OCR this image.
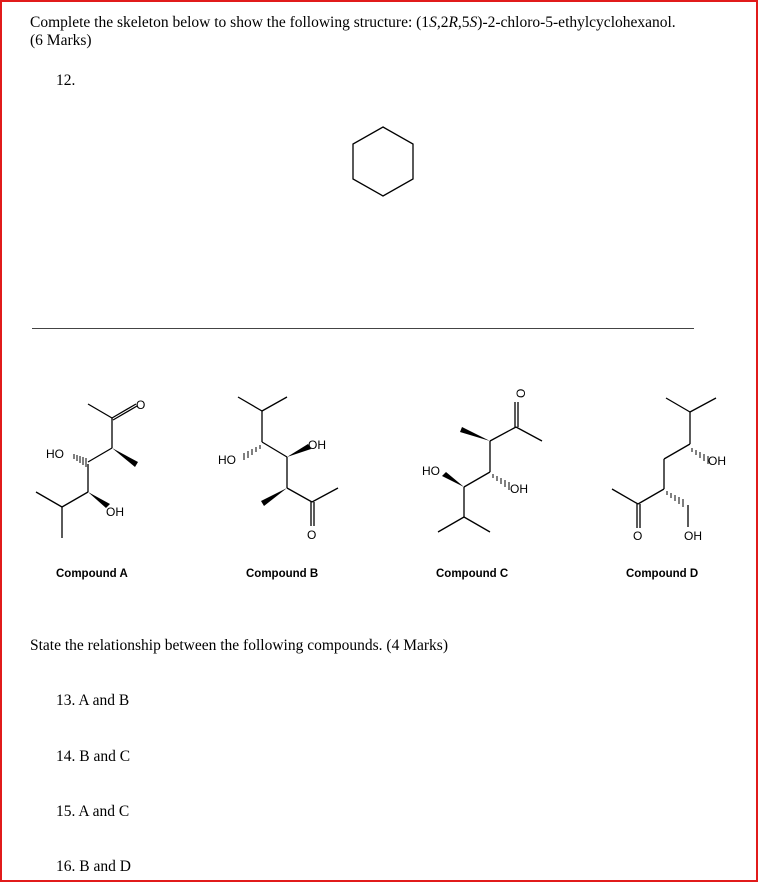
Complete the skeleton below to show the following structure: (1S,2R,5S)-2-chloro-5-ethylcyclohexanol.
(6 Marks)
12.
O
HO
OH
Compound A
HO
OH
O
Compound B
O
OH
HO
Compound C
OH
OH
O
Compound D
State the relationship between the following compounds. (4 Marks)
13. A and B
14. B and C
15. A and C
16. B and D
